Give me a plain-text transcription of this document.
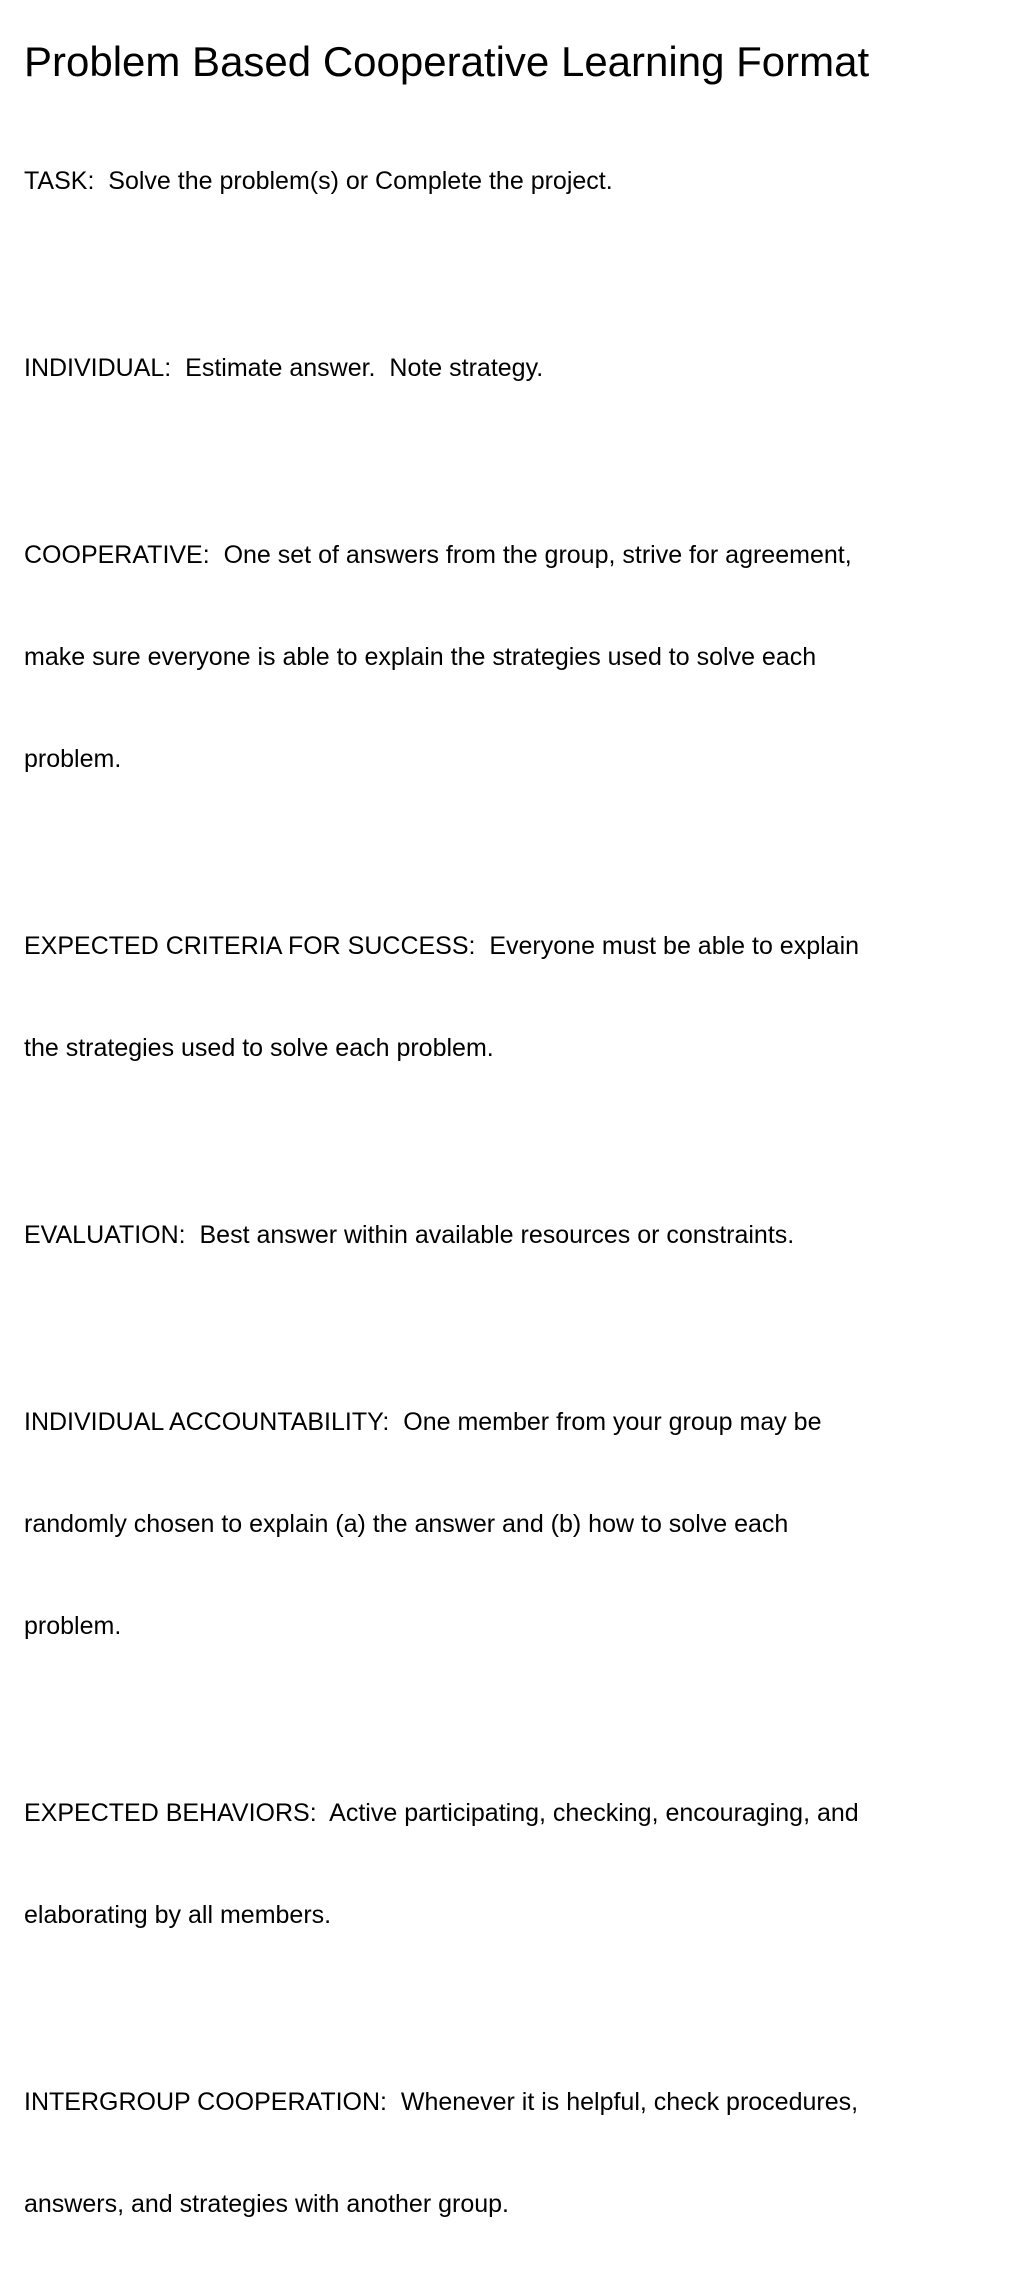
Problem Based Cooperative Learning Format

TASK:  Solve the problem(s) or Complete the project.

INDIVIDUAL:  Estimate answer.  Note strategy.

COOPERATIVE:  One set of answers from the group, strive for agreement,

make sure everyone is able to explain the strategies used to solve each

problem.

EXPECTED CRITERIA FOR SUCCESS:  Everyone must be able to explain

the strategies used to solve each problem.

EVALUATION:  Best answer within available resources or constraints.

INDIVIDUAL ACCOUNTABILITY:  One member from your group may be

randomly chosen to explain (a) the answer and (b) how to solve each

problem.

EXPECTED BEHAVIORS:  Active participating, checking, encouraging, and

elaborating by all members.

INTERGROUP COOPERATION:  Whenever it is helpful, check procedures,

answers, and strategies with another group.
